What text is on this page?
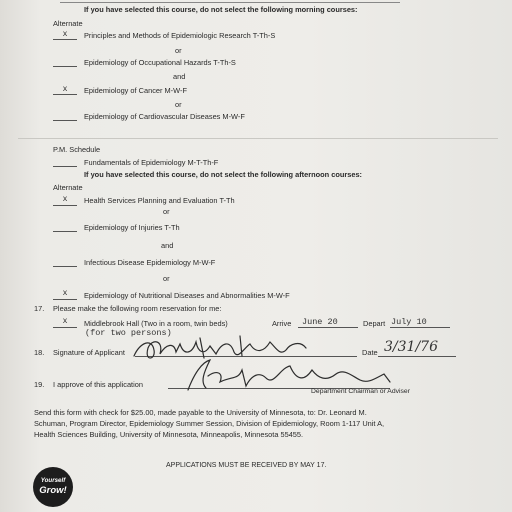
If you have selected this course, do not select the following morning courses:
Alternate
x	Principles and Methods of Epidemiologic Research T-Th-S
or
Epidemiology of Occupational Hazards T-Th-S
and
x	Epidemiology of Cancer M-W-F
or
Epidemiology of Cardiovascular Diseases M-W-F
P.M. Schedule
Fundamentals of Epidemiology M-T-Th-F
If you have selected this course, do not select the following afternoon courses:
Alternate
x	Health Services Planning and Evaluation T-Th
or
Epidemiology of Injuries T-Th
and
Infectious Disease Epidemiology M-W-F
or
x	Epidemiology of Nutritional Diseases and Abnormalities M-W-F
17. Please make the following room reservation for me:
x	Middlebrook Hall (Two in a room, twin beds)	Arrive June 20	Depart July 10
(for two persons)
18. Signature of Applicant	Date 3/31/76
19. I approve of this application
Department Chairman or Adviser
Send this form with check for $25.00, made payable to the University of Minnesota, to: Dr. Leonard M.
Schuman, Program Director, Epidemiology Summer Session, Division of Epidemiology, Room 1-117 Unit A,
Health Sciences Building, University of Minnesota, Minneapolis, Minnesota 55455.
APPLICATIONS MUST BE RECEIVED BY MAY 17.
Yourself
Grow!
